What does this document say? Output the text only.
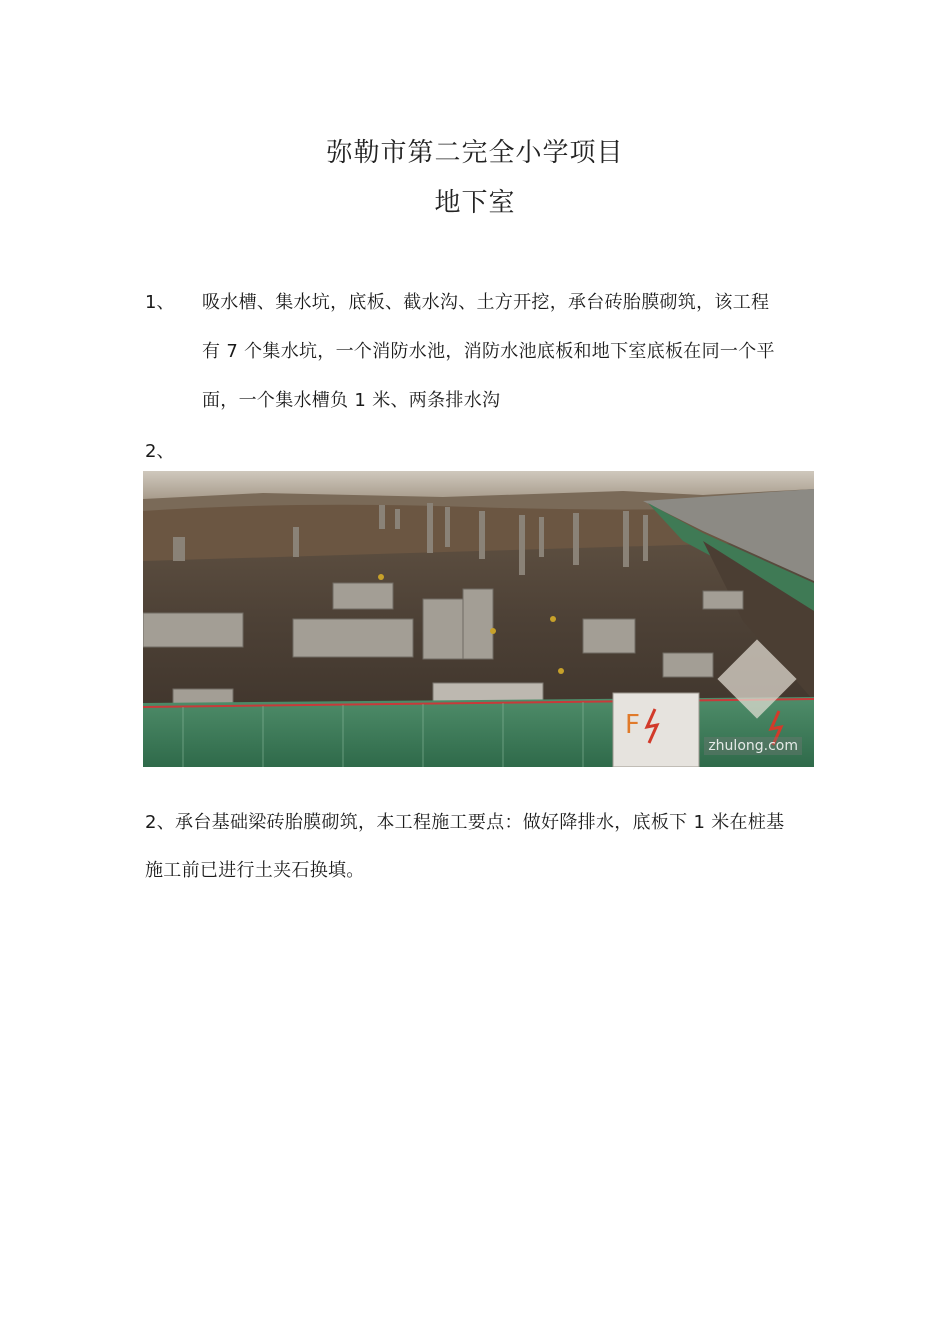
弥勒市第二完全小学项目
地下室
1、 吸水槽、集水坑，底板、截水沟、土方开挖，承台砖胎膜砌筑，该工程
有 7 个集水坑，一个消防水池，消防水池底板和地下室底板在同一个平
面，一个集水槽负 1 米、两条排水沟
2、
F
zhulong.com
2、承台基础梁砖胎膜砌筑，本工程施工要点：做好降排水，底板下 1 米在桩基
施工前已进行土夹石换填。
